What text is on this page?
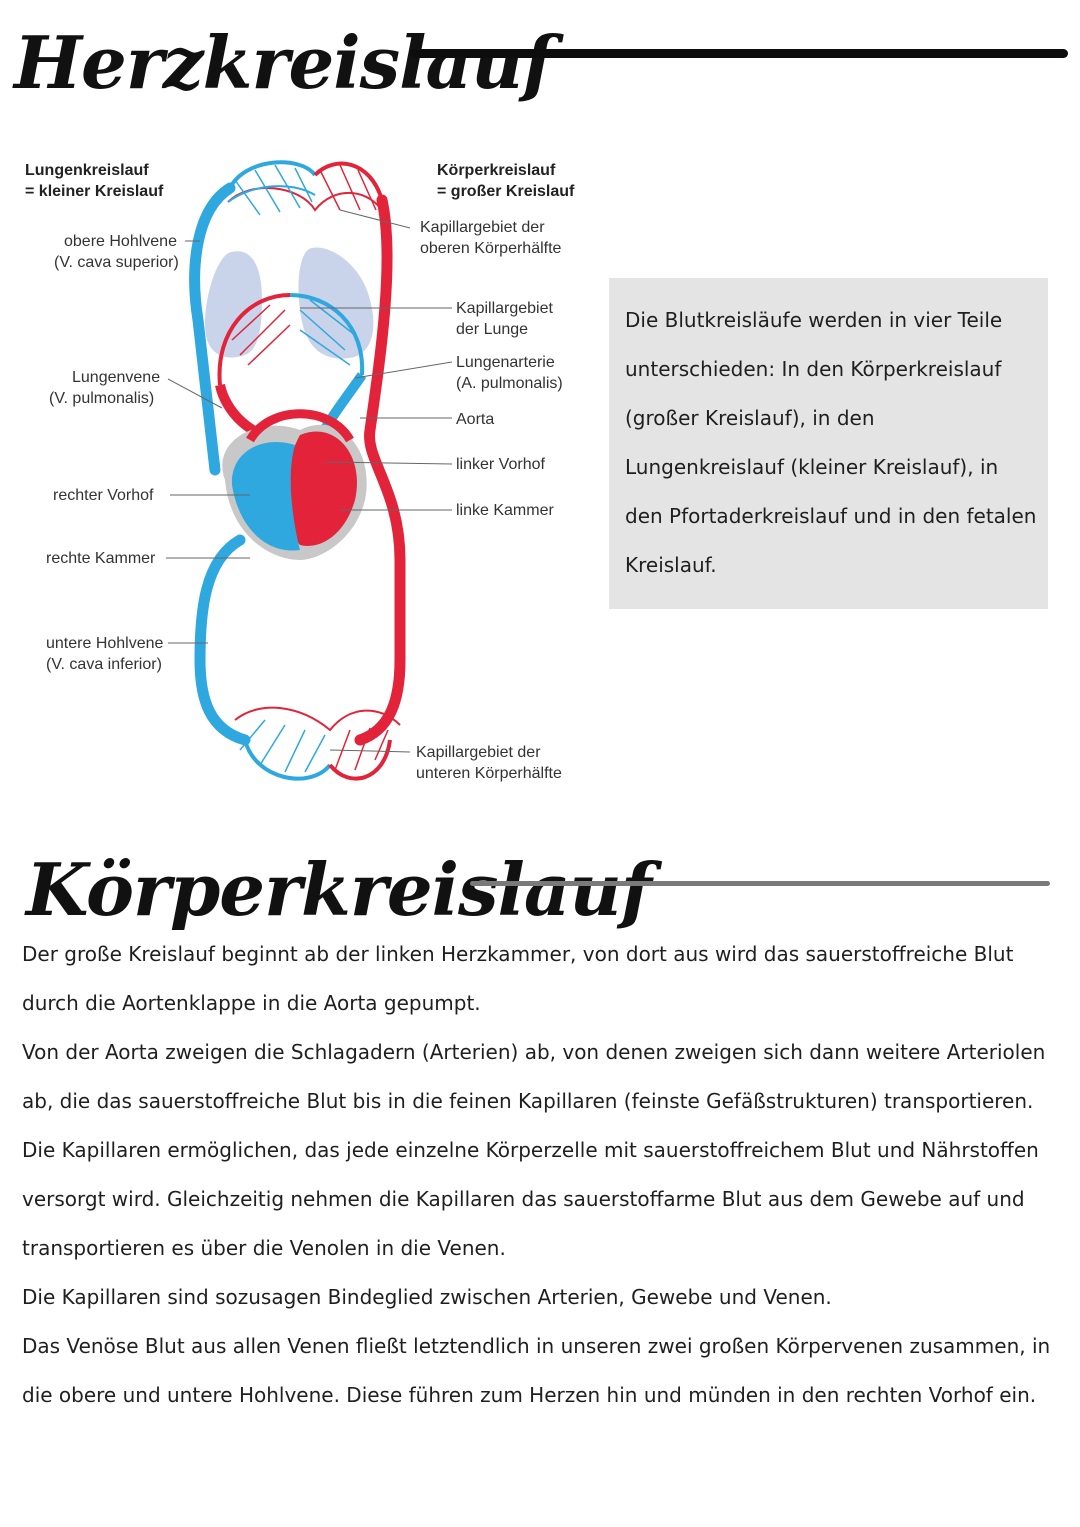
Herzkreislauf
Lungenkreislauf
= kleiner Kreislauf
Körperkreislauf
= großer Kreislauf
obere Hohlvene
(V. cava superior)
Kapillargebiet der
oberen Körperhälfte
Kapillargebiet
der Lunge
Lungenvene
(V. pulmonalis)
Lungenarterie
(A. pulmonalis)
Aorta
linker Vorhof
rechter Vorhof
linke Kammer
rechte Kammer
untere Hohlvene
(V. cava inferior)
Kapillargebiet der
unteren Körperhälfte

Die Blutkreisläufe werden in vier Teile unterschieden: In den Körperkreislauf (großer Kreislauf), in den Lungenkreislauf (kleiner Kreislauf), in den Pfortaderkreislauf und in den fetalen Kreislauf.

Körperkreislauf

Der große Kreislauf beginnt ab der linken Herzkammer, von dort aus wird das sauerstoffreiche Blut durch die Aortenklappe in die Aorta gepumpt.

Von der Aorta zweigen die Schlagadern (Arterien) ab, von denen zweigen sich dann weitere Arteriolen ab, die das sauerstoffreiche Blut bis in die feinen Kapillaren (feinste Gefäßstrukturen) transportieren. Die Kapillaren ermöglichen, das jede einzelne Körperzelle mit sauerstoffreichem Blut und Nährstoffen versorgt wird. Gleichzeitig nehmen die Kapillaren das sauerstoffarme Blut aus dem Gewebe auf und transportieren es über die Venolen in die Venen.

Die Kapillaren sind sozusagen Bindeglied zwischen Arterien, Gewebe und Venen.

Das Venöse Blut aus allen Venen fließt letztendlich in unseren zwei großen Körpervenen zusammen, in die obere und untere Hohlvene. Diese führen zum Herzen hin und münden in den rechten Vorhof ein.
